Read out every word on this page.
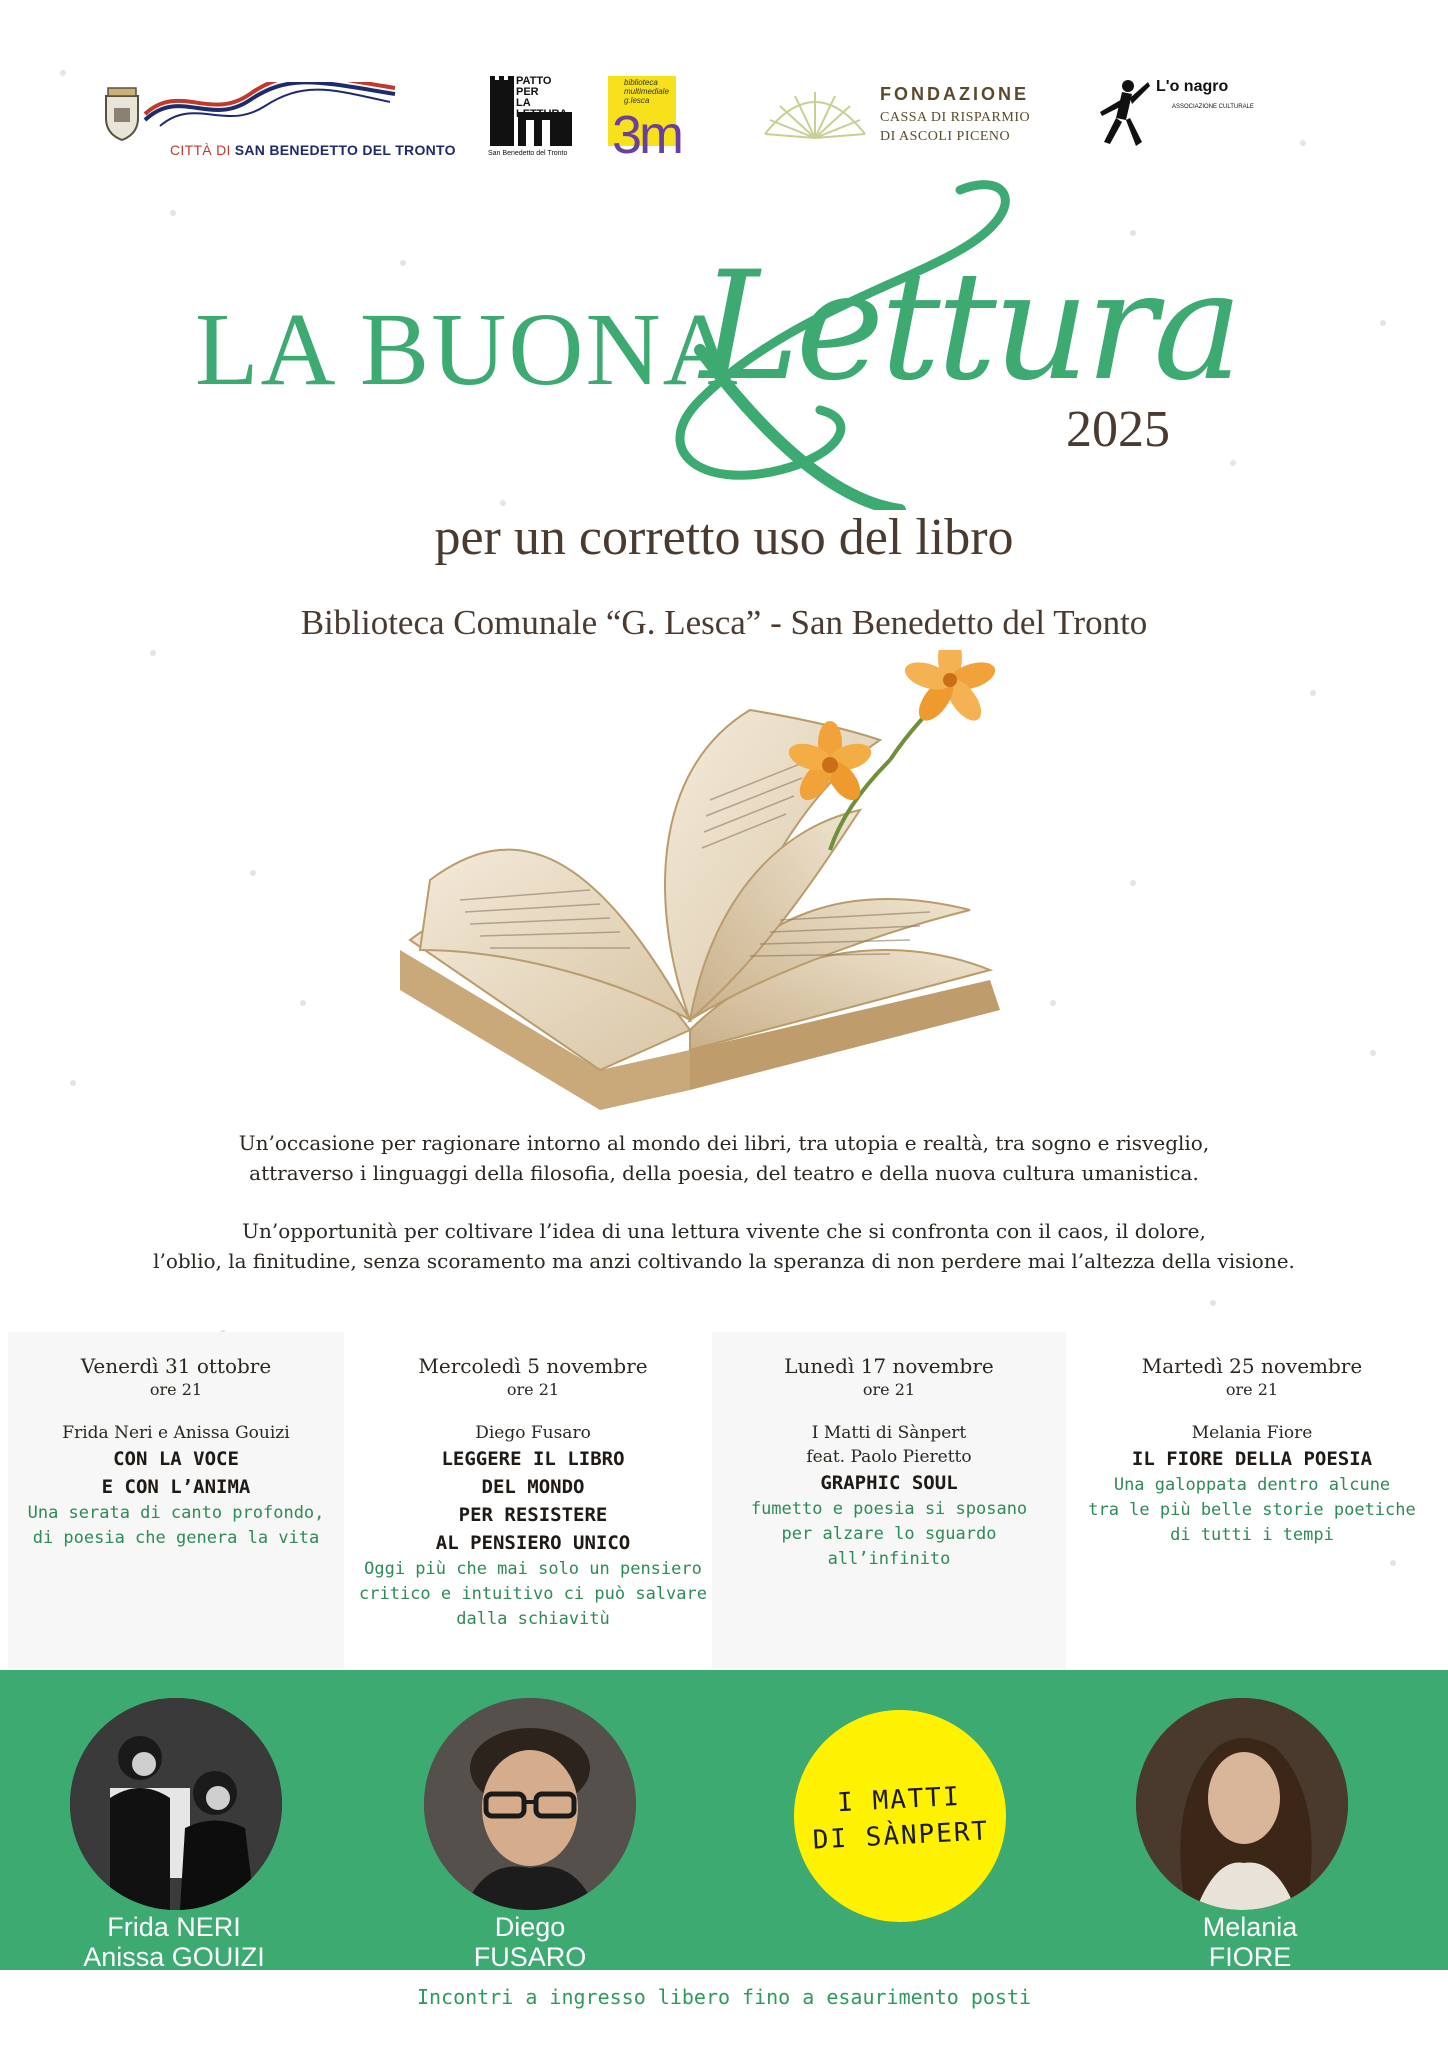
CITTÀ DI SAN BENEDETTO DEL TRONTO
PATTO PER
LA LETTURA
San Benedetto del Tronto
biblioteca multimediale g.lesca
3m
FONDAZIONE
CASSA DI RISPARMIO
DI ASCOLI PICENO
L'o nagro
ASSOCIAZIONE CULTURALE
LA BUONA
Lettura
2025
per un corretto uso del libro
Biblioteca Comunale “G. Lesca” - San Benedetto del Tronto

Un’occasione per ragionare intorno al mondo dei libri, tra utopia e realtà, tra sogno e risveglio,

attraverso i linguaggi della filosofia, della poesia, del teatro e della nuova cultura umanistica.

Un’opportunità per coltivare l’idea di una lettura vivente che si confronta con il caos, il dolore,

l’oblio, la finitudine, senza scoramento ma anzi coltivando la speranza di non perdere mai l’altezza della visione.

Venerdì 31 ottobre
ore 21
Frida Neri e Anissa Gouizi
CON LA VOCE
E CON L’ANIMA
Una serata di canto profondo,
di poesia che genera la vita
Mercoledì 5 novembre
ore 21
Diego Fusaro
LEGGERE IL LIBRO
DEL MONDO
PER RESISTERE
AL PENSIERO UNICO
Oggi più che mai solo un pensiero
critico e intuitivo ci può salvare
dalla schiavitù
Lunedì 17 novembre
ore 21
I Matti di Sànpert
feat. Paolo Pieretto
GRAPHIC SOUL
fumetto e poesia si sposano
per alzare lo sguardo
all’infinito
Martedì 25 novembre
ore 21
Melania Fiore
IL FIORE DELLA POESIA
Una galoppata dentro alcune
tra le più belle storie poetiche
di tutti i tempi
Frida NERI
Anissa GOUIZI
Diego
FUSARO
I MATTI
DI SÀNPERT
Melania
FIORE
Incontri a ingresso libero fino a esaurimento posti
